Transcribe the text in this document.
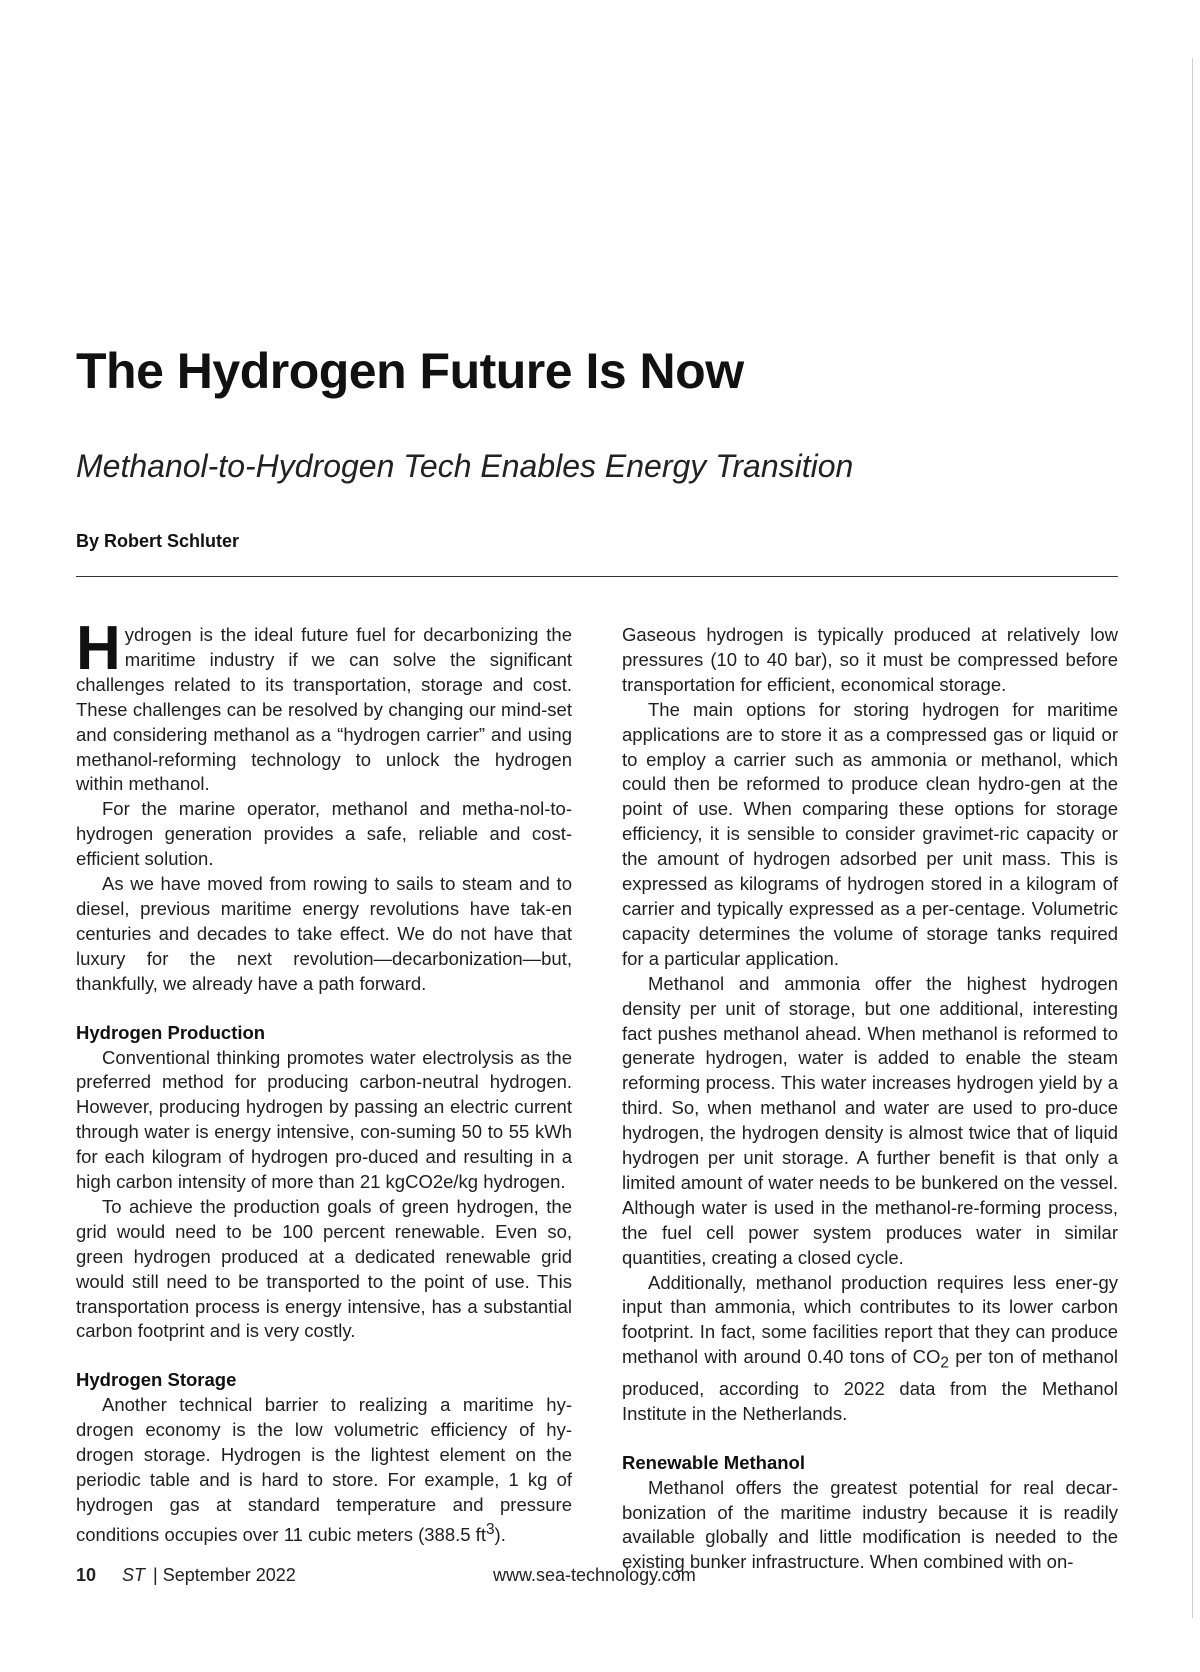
The Hydrogen Future Is Now
Methanol-to-Hydrogen Tech Enables Energy Transition
By Robert Schluter

Hydrogen is the ideal future fuel for decarbonizing the maritime industry if we can solve the significant challenges related to its transportation, storage and cost. These challenges can be resolved by changing our mind-set and considering methanol as a “hydrogen carrier” and using methanol-reforming technology to unlock the hydrogen within methanol.

For the marine operator, methanol and metha-nol-to-hydrogen generation provides a safe, reliable and cost-efficient solution.

As we have moved from rowing to sails to steam and to diesel, previous maritime energy revolutions have tak-en centuries and decades to take effect. We do not have that luxury for the next revolution—decarbonization—but, thankfully, we already have a path forward.

Hydrogen Production

Conventional thinking promotes water electrolysis as the preferred method for producing carbon-neutral hydrogen. However, producing hydrogen by passing an electric current through water is energy intensive, con-suming 50 to 55 kWh for each kilogram of hydrogen pro-duced and resulting in a high carbon intensity of more than 21 kgCO2e/kg hydrogen.

To achieve the production goals of green hydrogen, the grid would need to be 100 percent renewable. Even so, green hydrogen produced at a dedicated renewable grid would still need to be transported to the point of use. This transportation process is energy intensive, has a substantial carbon footprint and is very costly.

Hydrogen Storage

Another technical barrier to realizing a maritime hy-drogen economy is the low volumetric efficiency of hy-drogen storage. Hydrogen is the lightest element on the periodic table and is hard to store. For example, 1 kg of hydrogen gas at standard temperature and pressure conditions occupies over 11 cubic meters (388.5 $ft^3$).

Gaseous hydrogen is typically produced at relatively low pressures (10 to 40 bar), so it must be compressed before transportation for efficient, economical storage.

The main options for storing hydrogen for maritime applications are to store it as a compressed gas or liquid or to employ a carrier such as ammonia or methanol, which could then be reformed to produce clean hydro-gen at the point of use. When comparing these options for storage efficiency, it is sensible to consider gravimet-ric capacity or the amount of hydrogen adsorbed per unit mass. This is expressed as kilograms of hydrogen stored in a kilogram of carrier and typically expressed as a per-centage. Volumetric capacity determines the volume of storage tanks required for a particular application.

Methanol and ammonia offer the highest hydrogen density per unit of storage, but one additional, interesting fact pushes methanol ahead. When methanol is reformed to generate hydrogen, water is added to enable the steam reforming process. This water increases hydrogen yield by a third. So, when methanol and water are used to pro-duce hydrogen, the hydrogen density is almost twice that of liquid hydrogen per unit storage. A further benefit is that only a limited amount of water needs to be bunkered on the vessel. Although water is used in the methanol-re-forming process, the fuel cell power system produces water in similar quantities, creating a closed cycle.

Additionally, methanol production requires less ener-gy input than ammonia, which contributes to its lower carbon footprint. In fact, some facilities report that they can produce methanol with around 0.40 tons of $CO_2$ per ton of methanol produced, according to 2022 data from the Methanol Institute in the Netherlands.

Renewable Methanol

Methanol offers the greatest potential for real decar-bonization of the maritime industry because it is readily available globally and little modification is needed to the existing bunker infrastructure. When combined with on-

10 ST | September 2022	www.sea-technology.com
